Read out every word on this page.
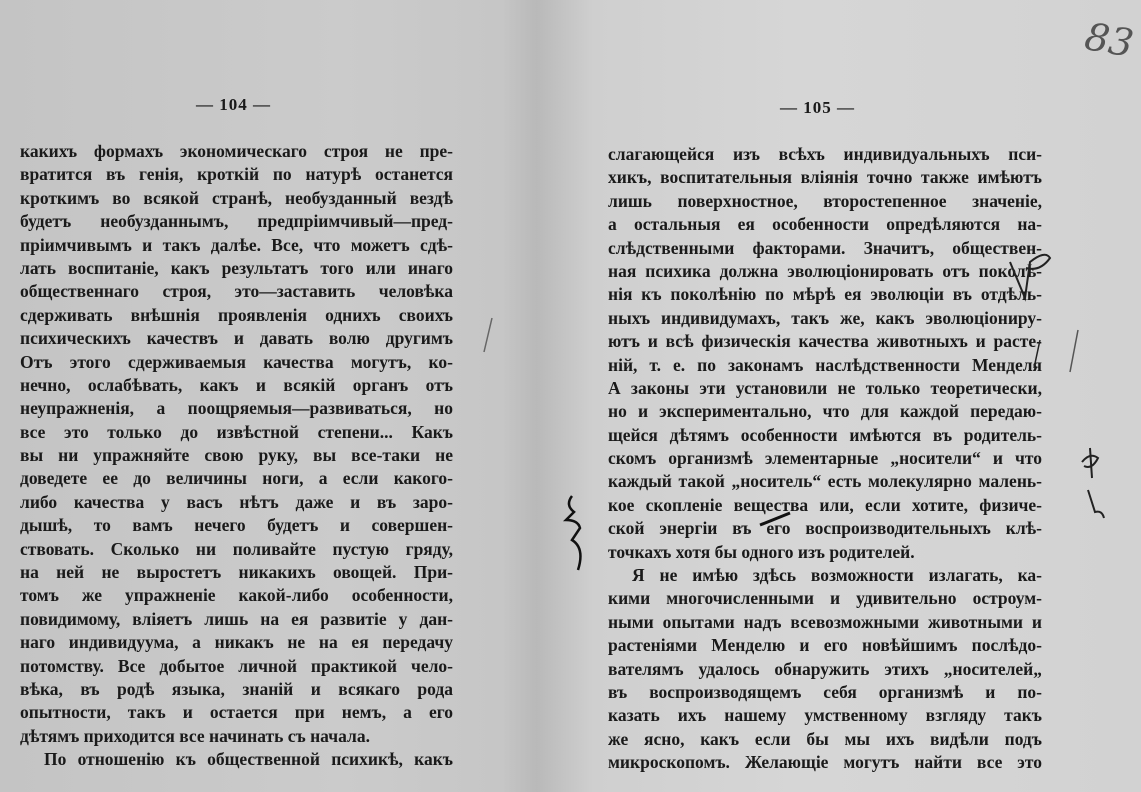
— 104 —
какихъ формахъ экономическаго строя не пре-
вратится въ генія, кроткій по натурѣ останется
кроткимъ во всякой странѣ, необузданный вездѣ
будетъ необузданнымъ, предпріимчивый—пред-
пріимчивымъ и такъ далѣе. Все, что можетъ сдѣ-
лать воспитаніе, какъ результатъ того или инаго
общественнаго строя, это—заставить человѣка
сдерживать внѣшнія проявленія однихъ своихъ
психическихъ качествъ и давать волю другимъ
Отъ этого сдерживаемыя качества могутъ, ко-
нечно, ослабѣвать, какъ и всякій органъ отъ
неупражненія, а поощряемыя—развиваться, но
все это только до извѣстной степени... Какъ
вы ни упражняйте свою руку, вы все-таки не
доведете ее до величины ноги, а если какого-
либо качества у васъ нѣтъ даже и въ заро-
дышѣ, то вамъ нечего будетъ и совершен-
ствовать. Сколько ни поливайте пустую гряду,
на ней не выростетъ никакихъ овощей. При-
томъ же упражненіе какой-либо особенности,
повидимому, вліяетъ лишь на ея развитіе у дан-
наго индивидуума, а никакъ не на ея передачу
потомству. Все добытое личной практикой чело-
вѣка, въ родѣ языка, знаній и всякаго рода
опытности, такъ и остается при немъ, а его
дѣтямъ приходится все начинать съ начала.
По отношенію къ общественной психикѣ, какъ
— 105 —
83
слагающейся изъ всѣхъ индивидуальныхъ пси-
хикъ, воспитательныя вліянія точно также имѣютъ
лишь поверхностное, второстепенное значеніе,
а остальныя ея особенности опредѣляются на-
слѣдственными факторами. Значитъ, обществен-
ная психика должна эволюціонировать отъ поколѣ-
нія къ поколѣнію по мѣрѣ ея эволюціи въ отдѣль-
ныхъ индивидумахъ, такъ же, какъ эволюціониру-
ютъ и всѣ физическія качества животныхъ и расте-
ній, т. е. по законамъ наслѣдственности Менделя
А законы эти установили не только теоретически,
но и экспериментально, что для каждой передаю-
щейся дѣтямъ особенности имѣются въ родитель-
скомъ организмѣ элементарные „носители“ и что
каждый такой „носитель“ есть молекулярно малень-
кое скопленіе вещества или, если хотите, физиче-
ской энергіи въ его воспроизводительныхъ клѣ-
точкахъ хотя бы одного изъ родителей.
Я не имѣю здѣсь возможности излагать, ка-
кими многочисленными и удивительно остроум-
ными опытами надъ всевозможными животными и
растеніями Менделю и его новѣйшимъ послѣдо-
вателямъ удалось обнаружить этихъ „носителей„
въ воспроизводящемъ себя организмѣ и по-
казать ихъ нашему умственному взгляду такъ
же ясно, какъ если бы мы ихъ видѣли подъ
микроскопомъ. Желающіе могутъ найти все это
